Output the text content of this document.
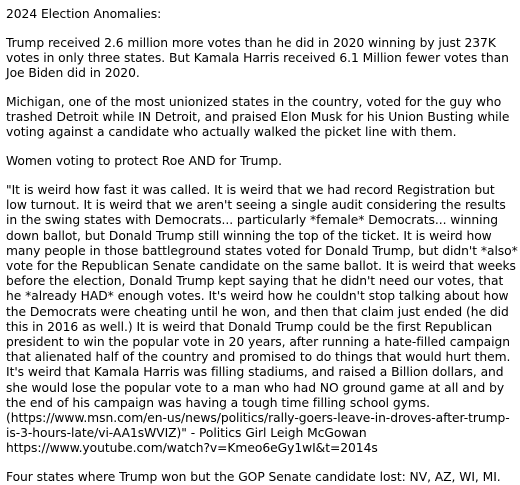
2024 Election Anomalies:

Trump received 2.6 million more votes than he did in 2020 winning by just 237K votes in only three states. But Kamala Harris received 6.1 Million fewer votes than Joe Biden did in 2020.

Michigan, one of the most unionized states in the country, voted for the guy who trashed Detroit while IN Detroit, and praised Elon Musk for his Union Busting while voting against a candidate who actually walked the picket line with them.

Women voting to protect Roe AND for Trump.

"It is weird how fast it was called. It is weird that we had record Registration but low turnout. It is weird that we aren't seeing a single audit considering the results in the swing states with Democrats... particularly *female* Democrats... winning down ballot, but Donald Trump still winning the top of the ticket. It is weird how many people in those battleground states voted for Donald Trump, but didn't *also* vote for the Republican Senate candidate on the same ballot. It is weird that weeks before the election, Donald Trump kept saying that he didn't need our votes, that he *already HAD* enough votes. It's weird how he couldn't stop talking about how the Democrats were cheating until he won, and then that claim just ended (he did this in 2016 as well.) It is weird that Donald Trump could be the first Republican president to win the popular vote in 20 years, after running a hate-filled campaign that alienated half of the country and promised to do things that would hurt them. It's weird that Kamala Harris was filling stadiums, and raised a Billion dollars, and she would lose the popular vote to a man who had NO ground game at all and by the end of his campaign was having a tough time filling school gyms. (https://www.msn.com/en-us/news/politics/rally-goers-leave-in-droves-after-trump-is-3-hours-late/vi-AA1sWVIZ)" - Politics Girl Leigh McGowan https://www.youtube.com/watch?v=Kmeo6eGy1wI&t=2014s

Four states where Trump won but the GOP Senate candidate lost: NV, AZ, WI, MI.
